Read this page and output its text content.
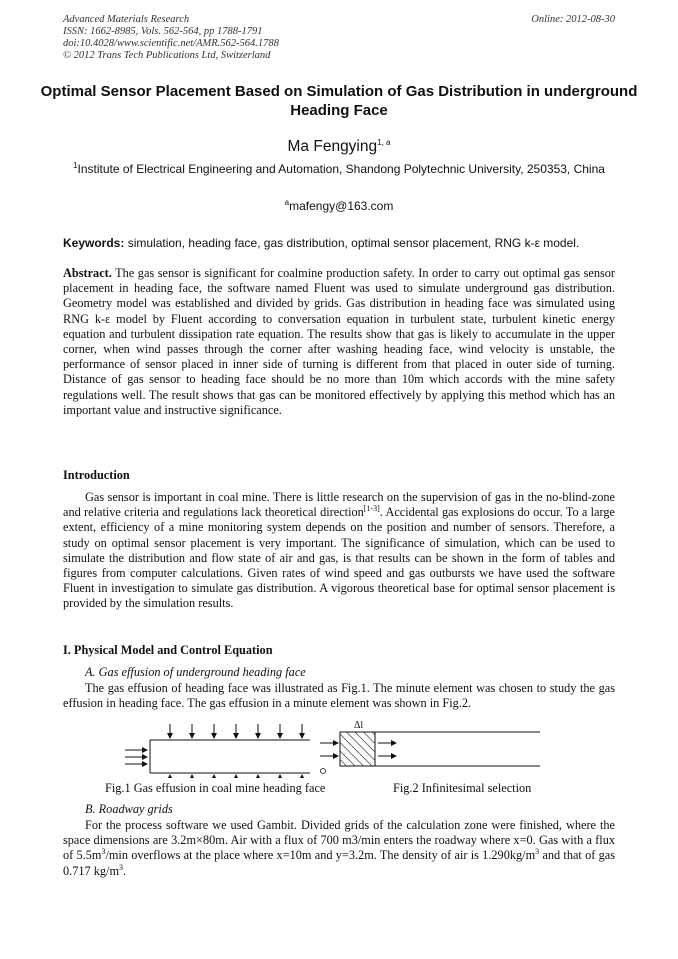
Advanced Materials Research
ISSN: 1662-8985, Vols. 562-564, pp 1788-1791
doi:10.4028/www.scientific.net/AMR.562-564.1788
© 2012 Trans Tech Publications Ltd, Switzerland
Online: 2012-08-30
Optimal Sensor Placement Based on Simulation of Gas Distribution in underground Heading Face
Ma Fengying$^{1, a}$
$^1$Institute of Electrical Engineering and Automation, Shandong Polytechnic University, 250353, China
$^a$mafengy@163.com
Keywords: simulation, heading face, gas distribution, optimal sensor placement, RNG k-ε model.
Abstract. The gas sensor is significant for coalmine production safety. In order to carry out optimal gas sensor placement in heading face, the software named Fluent was used to simulate underground gas distribution. Geometry model was established and divided by grids. Gas distribution in heading face was simulated using RNG k-ε model by Fluent according to conversation equation in turbulent state, turbulent kinetic energy equation and turbulent dissipation rate equation. The results show that gas is likely to accumulate in the upper corner, when wind passes through the corner after washing heading face, wind velocity is unstable, the performance of sensor placed in inner side of turning is different from that placed in outer side of turning. Distance of gas sensor to heading face should be no more than 10m which accords with the mine safety regulations well. The result shows that gas can be monitored effectively by applying this method which has an important value and instructive significance.
Introduction
Gas sensor is important in coal mine. There is little research on the supervision of gas in the no-blind-zone and relative criteria and regulations lack theoretical direction[1-3]. Accidental gas explosions do occur. To a large extent, efficiency of a mine monitoring system depends on the position and number of sensors. Therefore, a study on optimal sensor placement is very important. The significance of simulation, which can be used to simulate the distribution and flow state of air and gas, is that results can be shown in the form of tables and figures from computer calculations. Given rates of wind speed and gas outbursts we have used the software Fluent in investigation to simulate gas distribution. A vigorous theoretical base for optimal sensor placement is provided by the simulation results.
I. Physical Model and Control Equation
A. Gas effusion of underground heading face
The gas effusion of heading face was illustrated as Fig.1. The minute element was chosen to study the gas effusion in heading face. The gas effusion in a minute element was shown in Fig.2.
Δl
Fig.1 Gas effusion in coal mine heading face	Fig.2 Infinitesimal selection
B. Roadway grids
For the process software we used Gambit. Divided grids of the calculation zone were finished, where the space dimensions are 3.2m×80m. Air with a flux of 700 m3/min enters the roadway where x=0. Gas with a flux of $5.5m^3/\min$ overflows at the place where x=10m and y=3.2m. The density of air is $1.290kg/m^3$ and that of gas 0.717 $kg/m^3$.
